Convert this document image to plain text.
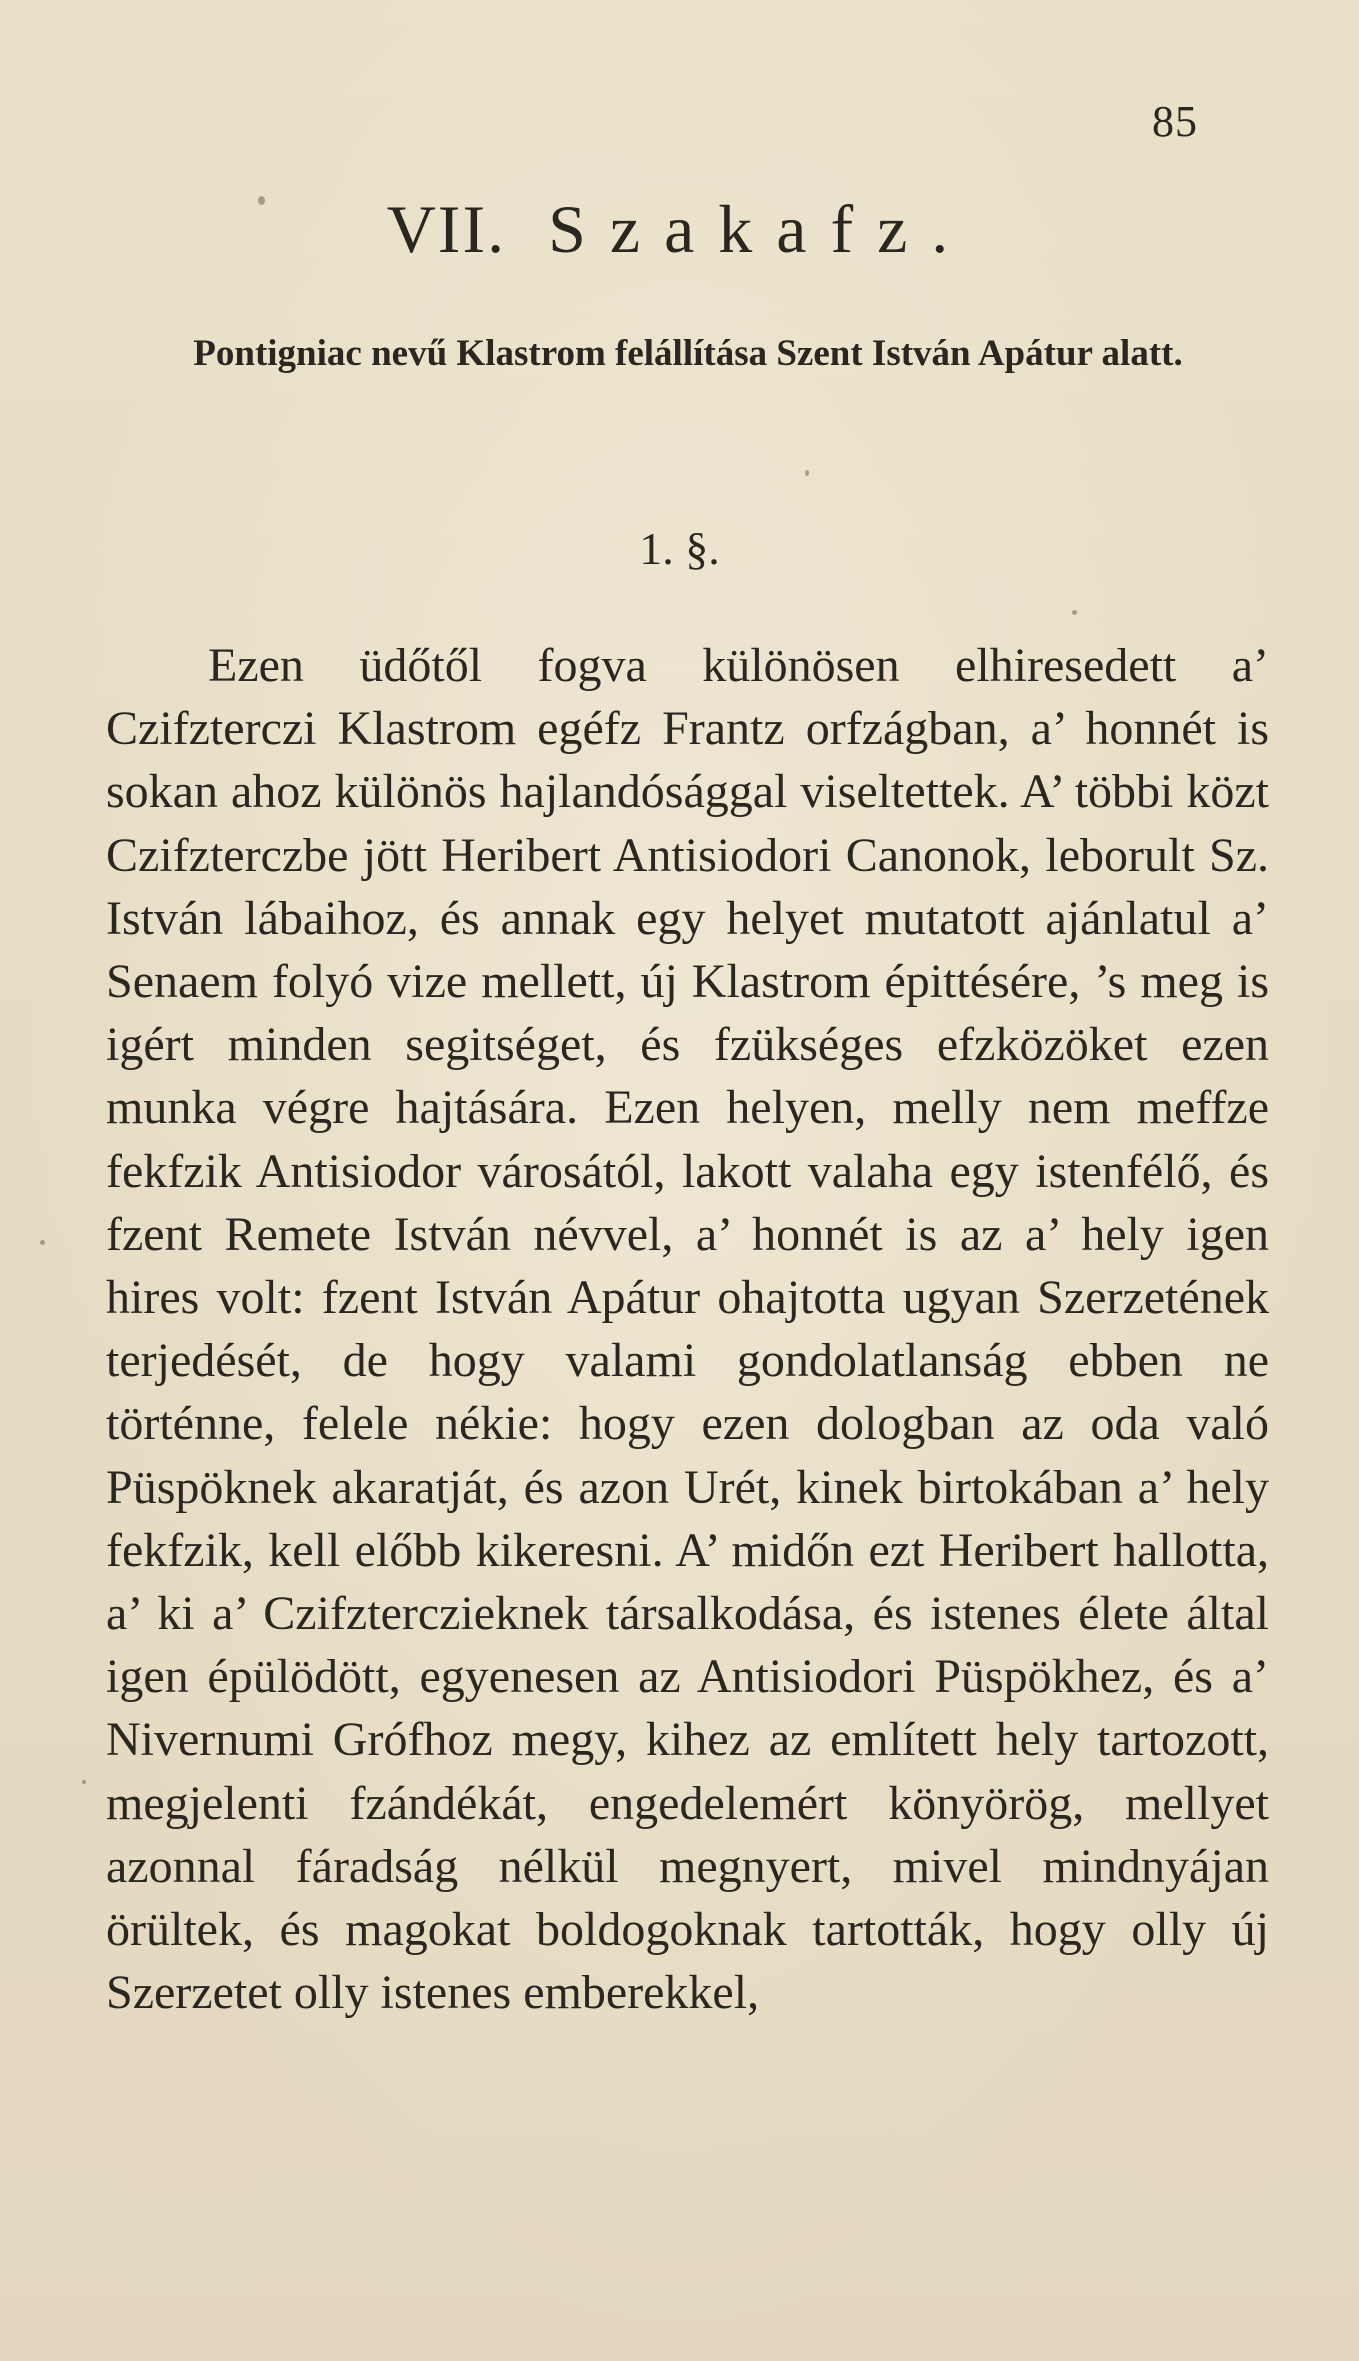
85
VII. Szakafz.
Pontigniac nevű Klastrom felállítása Szent István Apátur alatt.
1. §.
Ezen üdőtől fogva különösen elhiresedett a’ Czifzterczi Klastrom egéfz Frantz orfzágban, a’ honnét is sokan ahoz különös hajlandósággal viseltettek. A’ többi közt Czifzterczbe jött Heribert Antisiodori Canonok, leborult Sz. István lábaihoz, és annak egy helyet mutatott ajánlatul a’ Senaem folyó vize mellett, új Klastrom épittésére, ’s meg is igért minden segitséget, és fzükséges efzközöket ezen munka végre hajtására. Ezen helyen, melly nem meffze fekfzik Antisiodor városától, lakott valaha egy istenfélő, és fzent Remete István névvel, a’ honnét is az a’ hely igen hires volt: fzent István Apátur ohajtotta ugyan Szerzetének terjedését, de hogy valami gondolatlanság ebben ne történne, felele nékie: hogy ezen dologban az oda való Püspöknek akaratját, és azon Urét, kinek birtokában a’ hely fekfzik, kell előbb kikeresni. A’ midőn ezt Heribert hallotta, a’ ki a’ Czifzterczieknek társalkodása, és istenes élete által igen épülödött, egyenesen az Antisiodori Püspökhez, és a’ Nivernumi Grófhoz megy, kihez az említett hely tartozott, megjelenti fzándékát, engedelemért könyörög, mellyet azonnal fáradság nélkül megnyert, mivel mindnyájan örültek, és magokat boldogoknak tartották, hogy olly új Szerzetet olly istenes emberekkel,
